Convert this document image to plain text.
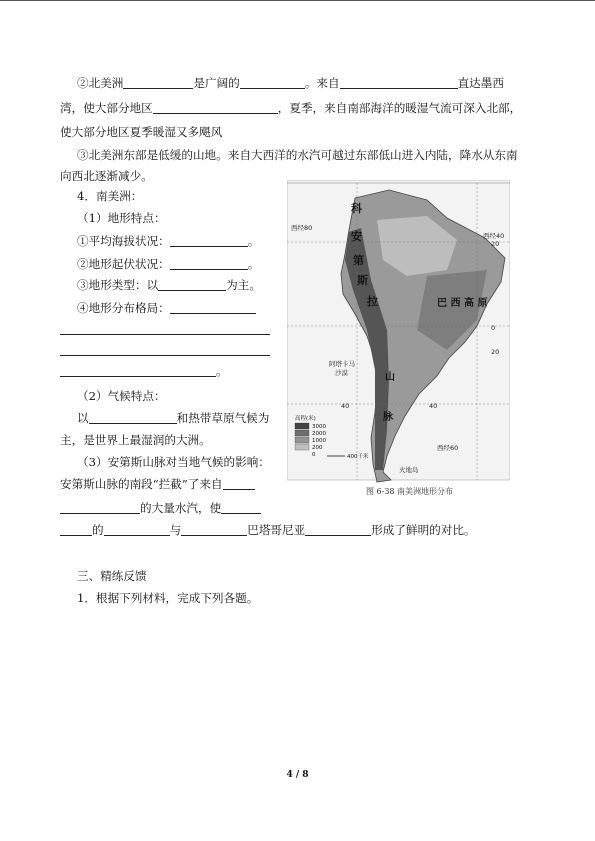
②北美洲	是广阔的	。来自	直达墨西
湾，使大部分地区	，夏季，来自南部海洋的暖湿气流可深入北部，
使大部分地区夏季暖湿又多飓风
③北美洲东部是低缓的山地。来自大西洋的水汽可越过东部低山进入内陆，降水从东南
向西北逐渐减少。
4．南美洲：
（1）地形特点：
①平均海拔状况：	。
②地形起伏状况：	。
③地形类型：以	为主。
④地形分布格局：
。
（2）气候特点：
以	和热带草原气候为
主，是世界上最湿润的大洲。
（3）安第斯山脉对当地气候的影响：
安第斯山脉的南段“拦截”了来自
的大量水汽，使
的	与	巴塔哥尼亚	形成了鲜明的对比。
科
安
第
斯
拉
山
脉
巴 西 高 原
阿塔卡马
沙漠
火地岛
西经40
西经80
西经60
20
0
20
40
40
高程(米)
3000
2000
1000
200
0	400千米
图 6-38 南美洲地形分布
三、精练反馈
1．根据下列材料，完成下列各题。
4 / 8
